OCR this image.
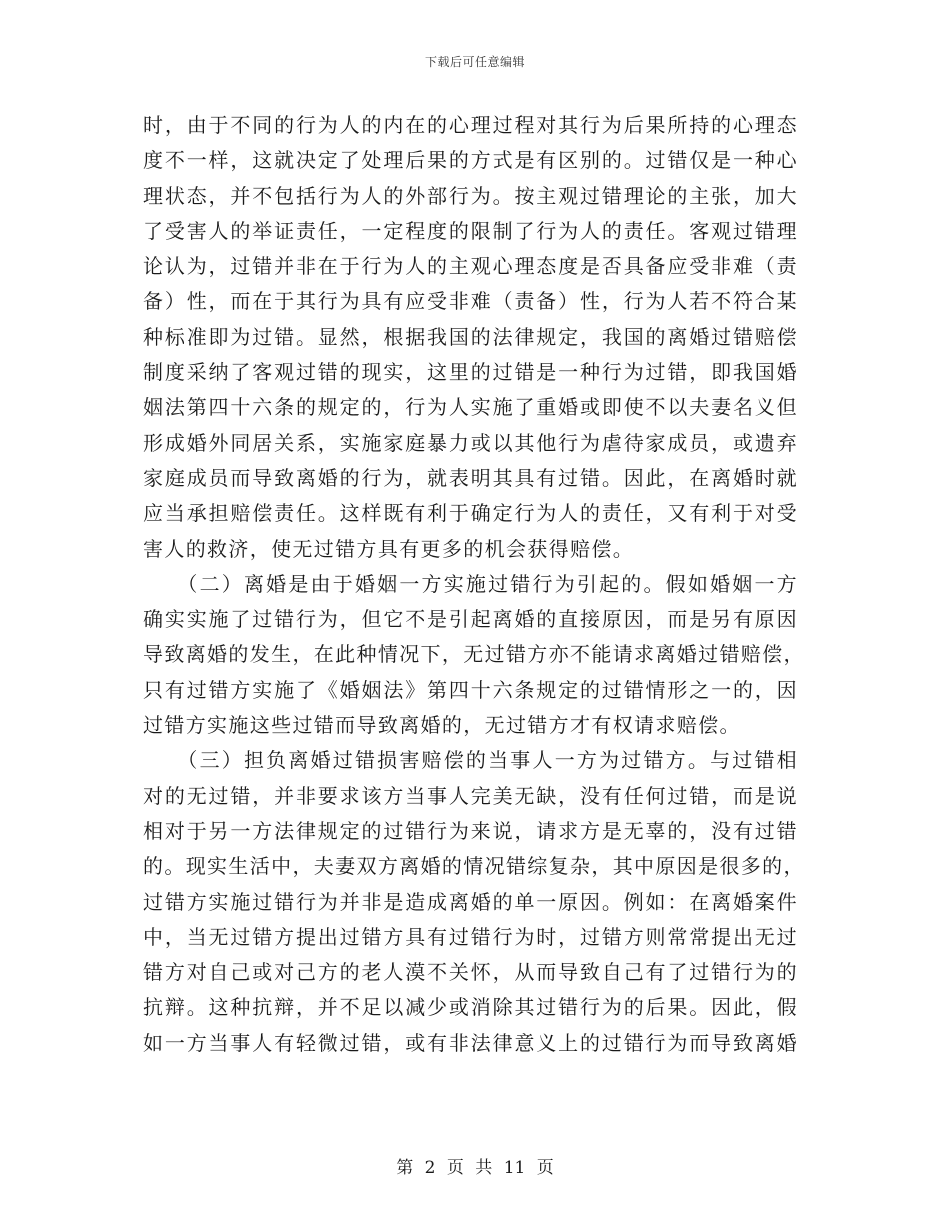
下载后可任意编辑
时，由于不同的行为人的内在的心理过程对其行为后果所持的心理态
度不一样，这就决定了处理后果的方式是有区别的。过错仅是一种心
理状态，并不包括行为人的外部行为。按主观过错理论的主张，加大
了受害人的举证责任，一定程度的限制了行为人的责任。客观过错理
论认为，过错并非在于行为人的主观心理态度是否具备应受非难（责
备）性，而在于其行为具有应受非难（责备）性，行为人若不符合某
种标准即为过错。显然，根据我国的法律规定，我国的离婚过错赔偿
制度采纳了客观过错的现实，这里的过错是一种行为过错，即我国婚
姻法第四十六条的规定的，行为人实施了重婚或即使不以夫妻名义但
形成婚外同居关系，实施家庭暴力或以其他行为虐待家成员，或遗弃
家庭成员而导致离婚的行为，就表明其具有过错。因此，在离婚时就
应当承担赔偿责任。这样既有利于确定行为人的责任，又有利于对受
害人的救济，使无过错方具有更多的机会获得赔偿。
　　（二）离婚是由于婚姻一方实施过错行为引起的。假如婚姻一方
确实实施了过错行为，但它不是引起离婚的直接原因，而是另有原因
导致离婚的发生，在此种情况下，无过错方亦不能请求离婚过错赔偿，
只有过错方实施了《婚姻法》第四十六条规定的过错情形之一的，因
过错方实施这些过错而导致离婚的，无过错方才有权请求赔偿。
　　（三）担负离婚过错损害赔偿的当事人一方为过错方。与过错相
对的无过错，并非要求该方当事人完美无缺，没有任何过错，而是说
相对于另一方法律规定的过错行为来说，请求方是无辜的，没有过错
的。现实生活中，夫妻双方离婚的情况错综复杂，其中原因是很多的，
过错方实施过错行为并非是造成离婚的单一原因。例如：在离婚案件
中，当无过错方提出过错方具有过错行为时，过错方则常常提出无过
错方对自己或对己方的老人漠不关怀，从而导致自己有了过错行为的
抗辩。这种抗辩，并不足以减少或消除其过错行为的后果。因此，假
如一方当事人有轻微过错，或有非法律意义上的过错行为而导致离婚
第 2 页 共 11 页
